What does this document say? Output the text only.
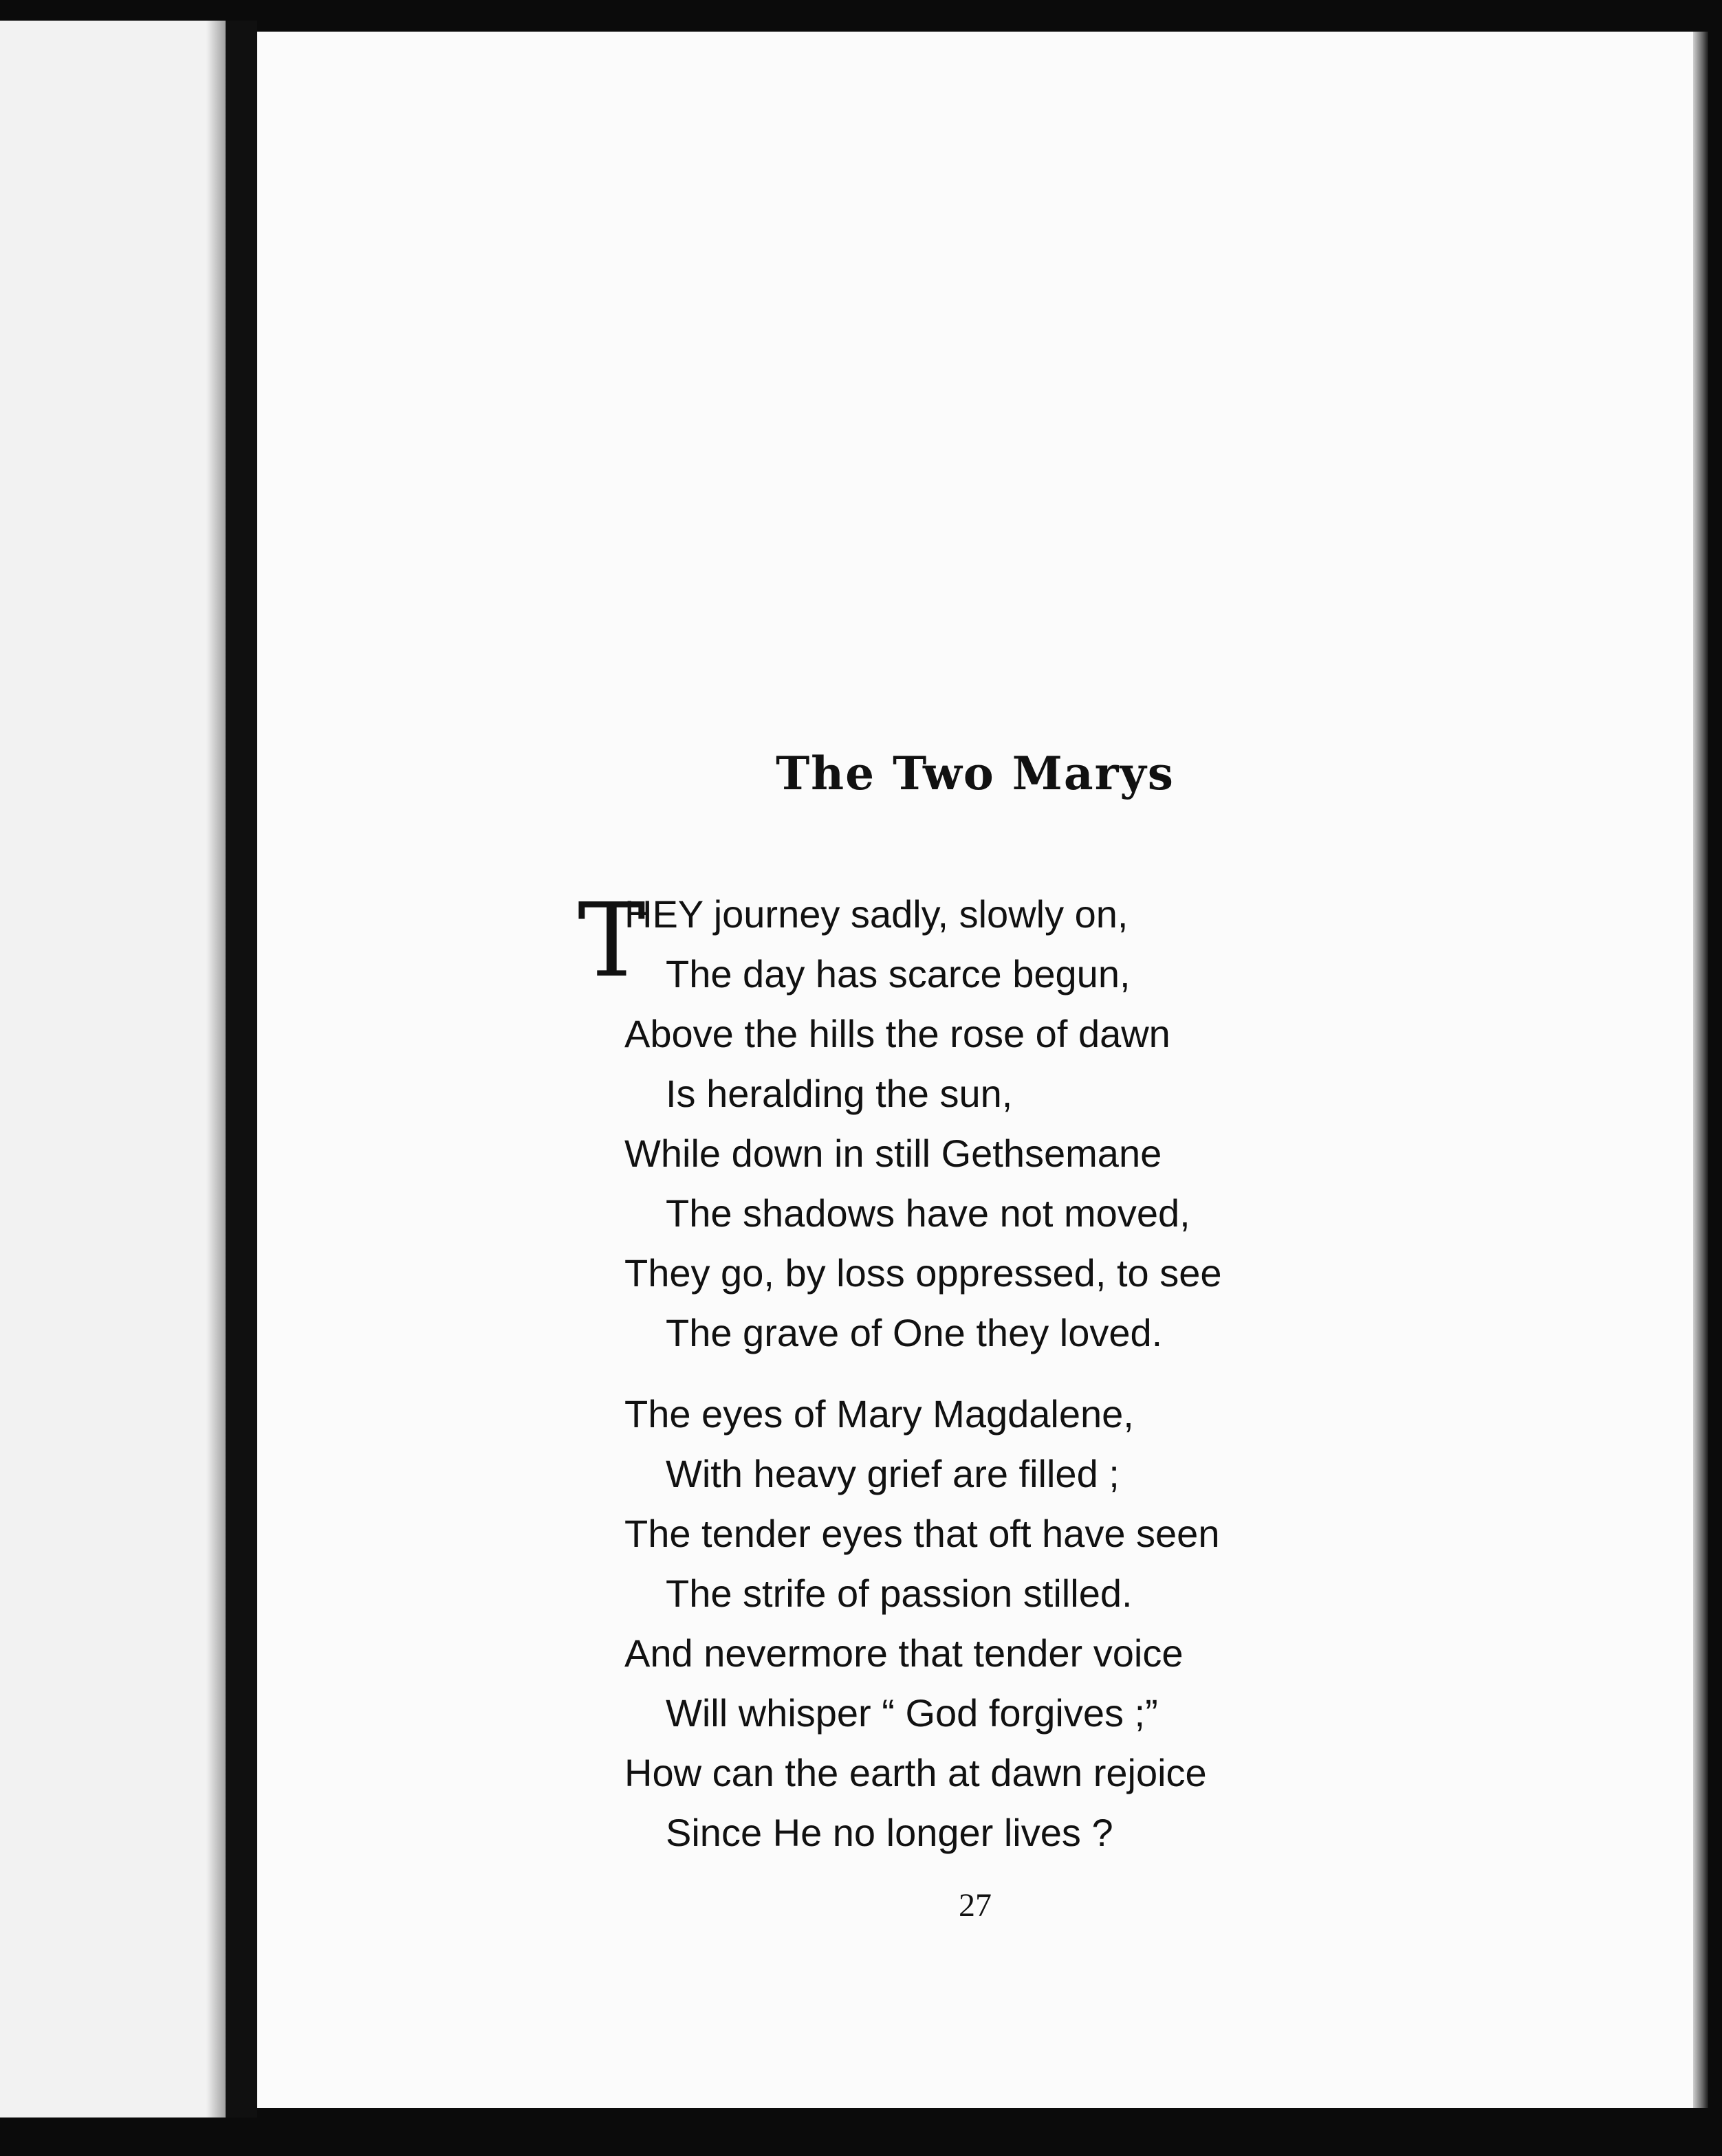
The Two Marys
T
HEY journey sadly, slowly on,
The day has scarce begun,
Above the hills the rose of dawn
Is heralding the sun,
While down in still Gethsemane
The shadows have not moved,
They go, by loss oppressed, to see
The grave of One they loved.
The eyes of Mary Magdalene,
With heavy grief are filled ;
The tender eyes that oft have seen
The strife of passion stilled.
And nevermore that tender voice
Will whisper “ God forgives ;”
How can the earth at dawn rejoice
Since He no longer lives ?
27
